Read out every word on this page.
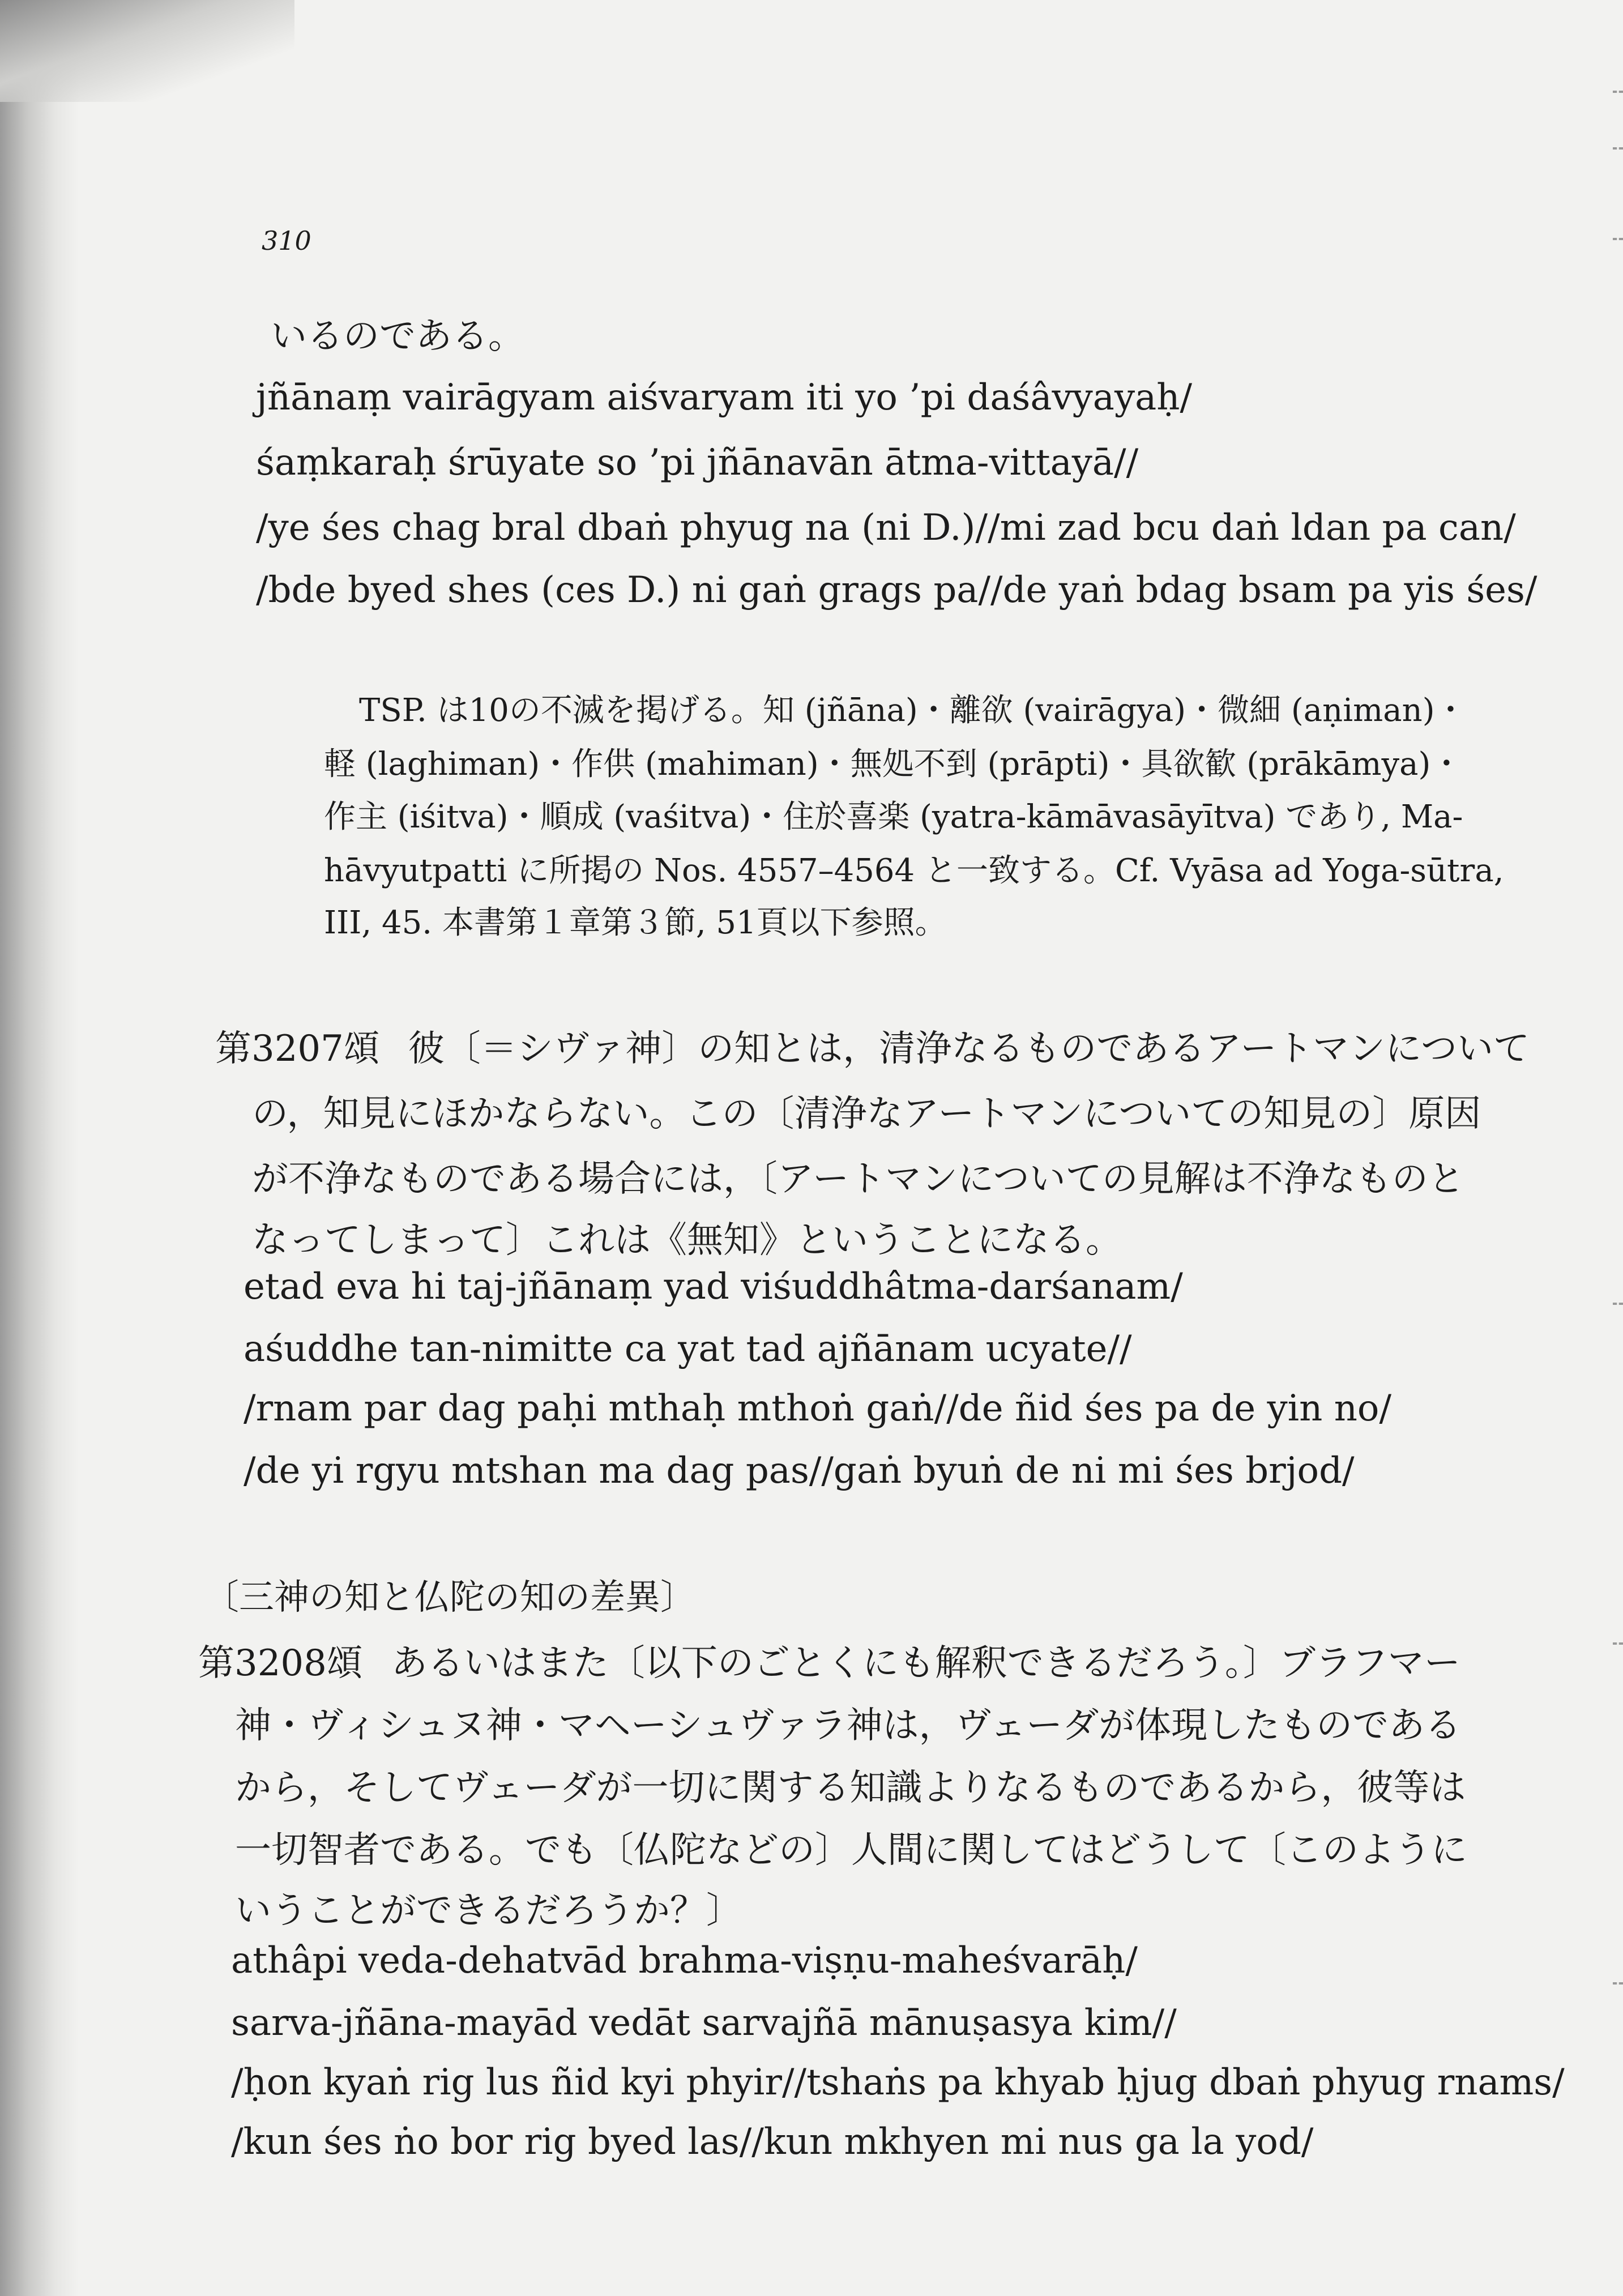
310
いるのである。
jñānaṃ vairāgyam aiśvaryam iti yo ’pi daśâvyayaḥ/
śaṃkaraḥ śrūyate so ’pi jñānavān ātma-vittayā//
/ye śes chag bral dbaṅ phyug na (ni D.)//mi zad bcu daṅ ldan pa can/
/bde byed shes (ces D.) ni gaṅ grags pa//de yaṅ bdag bsam pa yis śes/
TSP. は10の不滅を掲げる。知 (jñāna)・離欲 (vairāgya)・微細 (aṇiman)・
軽 (laghiman)・作供 (mahiman)・無処不到 (prāpti)・具欲歓 (prākāmya)・
作主 (iśitva)・順成 (vaśitva)・住於喜楽 (yatra-kāmāvasāyītva) であり, Ma-
hāvyutpatti に所掲の Nos. 4557–4564 と一致する。Cf. Vyāsa ad Yoga-sūtra,
III, 45. 本書第１章第３節, 51頁以下参照。
第3207頌 彼〔＝シヴァ神〕の知とは，清浄なるものであるアートマンについて
の，知見にほかならない。この〔清浄なアートマンについての知見の〕原因
が不浄なものである場合には，〔アートマンについての見解は不浄なものと
なってしまって〕これは《無知》ということになる。
etad eva hi taj-jñānaṃ yad viśuddhâtma-darśanam/
aśuddhe tan-nimitte ca yat tad ajñānam ucyate//
/rnam par dag paḥi mthaḥ mthoṅ gaṅ//de ñid śes pa de yin no/
/de yi rgyu mtshan ma dag pas//gaṅ byuṅ de ni mi śes brjod/
〔三神の知と仏陀の知の差異〕
第3208頌 あるいはまた〔以下のごとくにも解釈できるだろう。〕ブラフマー
神・ヴィシュヌ神・マヘーシュヴァラ神は，ヴェーダが体現したものである
から，そしてヴェーダが一切に関する知識よりなるものであるから，彼等は
一切智者である。でも〔仏陀などの〕人間に関してはどうして〔このように
いうことができるだろうか？〕
athâpi veda-dehatvād brahma-viṣṇu-maheśvarāḥ/
sarva-jñāna-mayād vedāt sarvajñā mānuṣasya kim//
/ḥon kyaṅ rig lus ñid kyi phyir//tshaṅs pa khyab ḥjug dbaṅ phyug rnams/
/kun śes ṅo bor rig byed las//kun mkhyen mi nus ga la yod/
